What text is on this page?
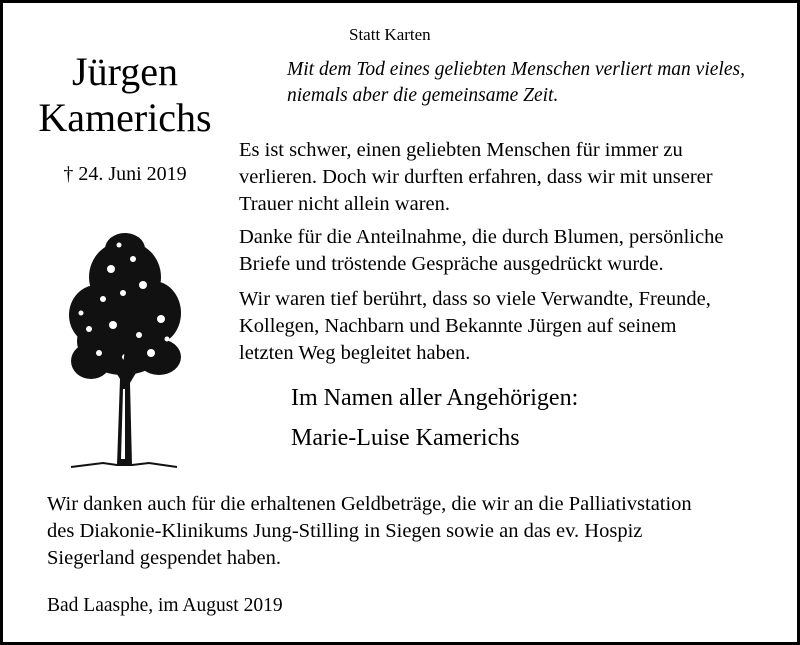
Statt Karten

Mit dem Tod eines geliebten Menschen verliert man vieles,
niemals aber die gemeinsame Zeit.

Jürgen
Kamerichs

† 24. Juni 2019

Es ist schwer, einen geliebten Menschen für immer zu
verlieren. Doch wir durften erfahren, dass wir mit unserer
Trauer nicht allein waren.
Danke für die Anteilnahme, die durch Blumen, persönliche
Briefe und tröstende Gespräche ausgedrückt wurde.
Wir waren tief berührt, dass so viele Verwandte, Freunde,
Kollegen, Nachbarn und Bekannte Jürgen auf seinem
letzten Weg begleitet haben.

Im Namen aller Angehörigen:

Marie-Luise Kamerichs

Wir danken auch für die erhaltenen Geldbeträge, die wir an die Palliativstation
des Diakonie-Klinikums Jung-Stilling in Siegen sowie an das ev. Hospiz
Siegerland gespendet haben.

Bad Laasphe, im August 2019
